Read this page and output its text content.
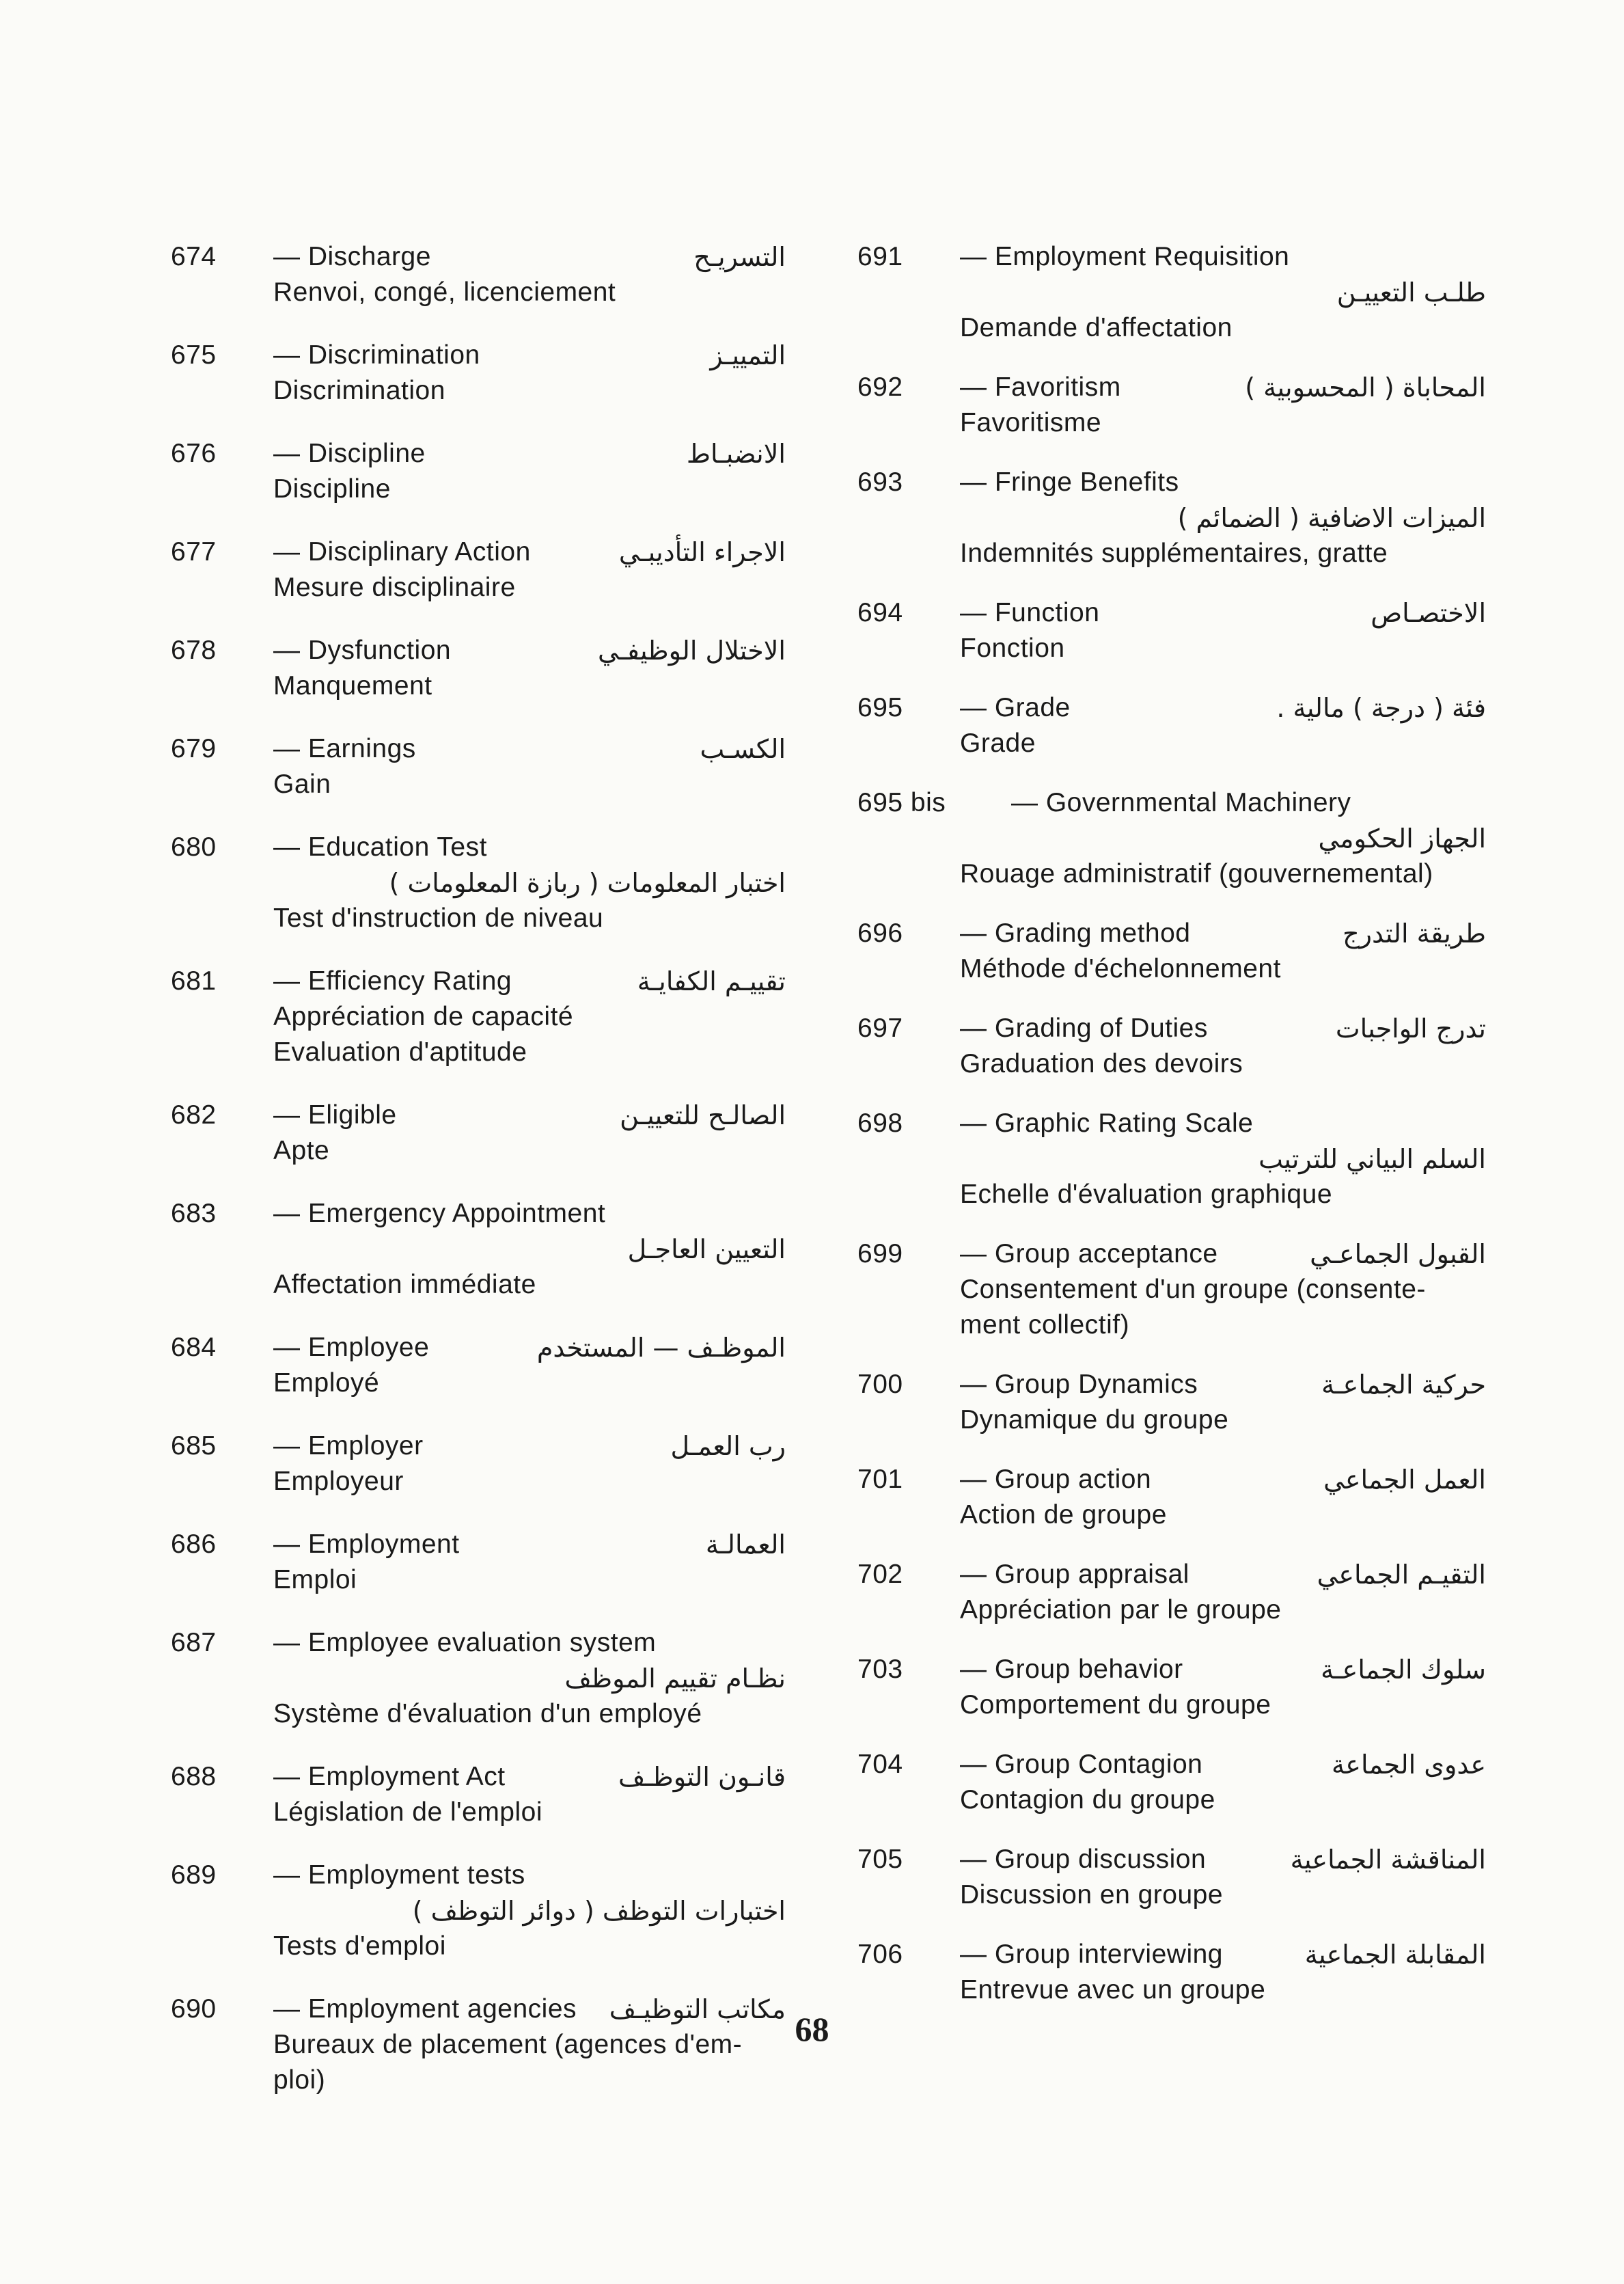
674 — Discharge	التسريـح
Renvoi, congé, licenciement
675 — Discrimination	التمييـز
Discrimination
676 — Discipline	الانضبـاط
Discipline
677 — Disciplinary Action	الاجراء التأديبـي
Mesure disciplinaire
678 — Dysfunction	الاختلال الوظيفـي
Manquement
679 — Earnings	الكسـب
Gain
680 — Education Test
اختبار المعلومات ( ربازة المعلومات )
Test d'instruction de niveau
681 — Efficiency Rating	تقييـم الكفايـة
Appréciation de capacité
Evaluation d'aptitude
682 — Eligible	الصالـح للتعييـن
Apte
683 — Emergency Appointment
التعيين العاجـل
Affectation immédiate
684 — Employee	الموظـف — المستخدم
Employé
685 — Employer	رب العمـل
Employeur
686 — Employment	العمالـة
Emploi
687 — Employee evaluation system
نظـام تقييم الموظف
Système d'évaluation d'un employé
688 — Employment Act	قانـون التوظـف
Législation de l'emploi
689 — Employment tests
اختبارات التوظف ( دوائر التوظف )
Tests d'emploi
690 — Employment agencies	مكاتب التوظيـف
Bureaux de placement (agences d'em-
ploi)
691 — Employment Requisition
طلـب التعييـن
Demande d'affectation
692 — Favoritism	المحاباة ( المحسوبية )
Favoritisme
693 — Fringe Benefits
الميزات الاضافية ( الضمائم )
Indemnités supplémentaires, gratte
694 — Function	الاختصـاص
Fonction
695 — Grade	فئة ( درجة ) مالية .
Grade
695 bis — Governmental Machinery
الجهاز الحكومي
Rouage administratif (gouvernemental)
696 — Grading method	طريقة التدرج
Méthode d'échelonnement
697 — Grading of Duties	تدرج الواجبات
Graduation des devoirs
698 — Graphic Rating Scale
السلم البياني للترتيب
Echelle d'évaluation graphique
699 — Group acceptance	القبول الجماعـي
Consentement d'un groupe (consente-
ment collectif)
700 — Group Dynamics	حركية الجماعـة
Dynamique du groupe
701 — Group action	العمل الجماعي
Action de groupe
702 — Group appraisal	التقيـم الجماعي
Appréciation par le groupe
703 — Group behavior	سلوك الجماعـة
Comportement du groupe
704 — Group Contagion	عدوى الجماعة
Contagion du groupe
705 — Group discussion	المناقشة الجماعية
Discussion en groupe
706 — Group interviewing	المقابلة الجماعية
Entrevue avec un groupe
68
